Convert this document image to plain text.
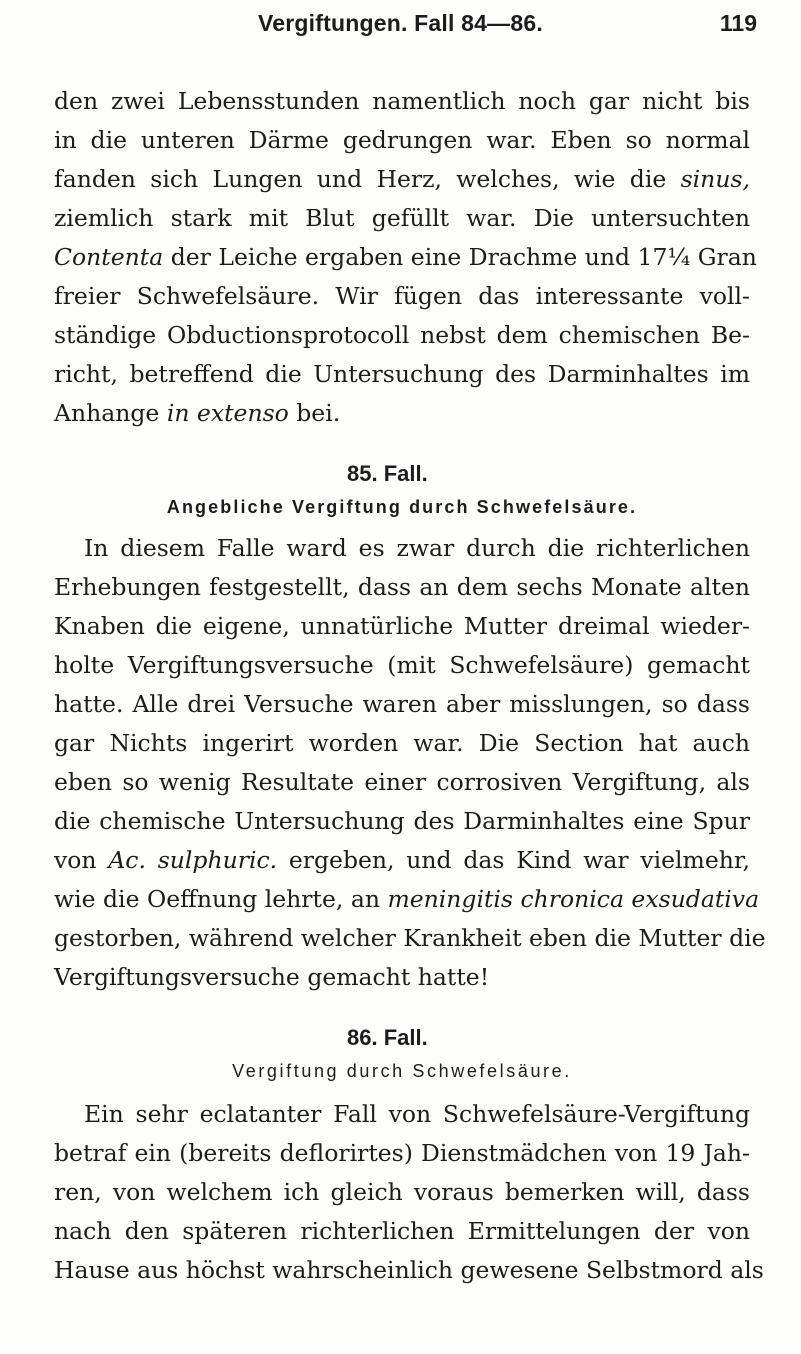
Vergiftungen. Fall 84—86.	119
den zwei Lebensstunden namentlich noch gar nicht bis
in die unteren Därme gedrungen war. Eben so normal
fanden sich Lungen und Herz, welches, wie die sinus,
ziemlich stark mit Blut gefüllt war. Die untersuchten
Contenta der Leiche ergaben eine Drachme und 17¼ Gran
freier Schwefelsäure. Wir fügen das interessante voll-
ständige Obductionsprotocoll nebst dem chemischen Be-
richt, betreffend die Untersuchung des Darminhaltes im
Anhange in extenso bei.
85. Fall.
Angebliche Vergiftung durch Schwefelsäure.
In diesem Falle ward es zwar durch die richterlichen
Erhebungen festgestellt, dass an dem sechs Monate alten
Knaben die eigene, unnatürliche Mutter dreimal wieder-
holte Vergiftungsversuche (mit Schwefelsäure) gemacht
hatte. Alle drei Versuche waren aber misslungen, so dass
gar Nichts ingerirt worden war. Die Section hat auch
eben so wenig Resultate einer corrosiven Vergiftung, als
die chemische Untersuchung des Darminhaltes eine Spur
von Ac. sulphuric. ergeben, und das Kind war vielmehr,
wie die Oeffnung lehrte, an meningitis chronica exsudativa
gestorben, während welcher Krankheit eben die Mutter die
Vergiftungsversuche gemacht hatte!
86. Fall.
Vergiftung durch Schwefelsäure.
Ein sehr eclatanter Fall von Schwefelsäure-Vergiftung
betraf ein (bereits deflorirtes) Dienstmädchen von 19 Jah-
ren, von welchem ich gleich voraus bemerken will, dass
nach den späteren richterlichen Ermittelungen der von
Hause aus höchst wahrscheinlich gewesene Selbstmord als
